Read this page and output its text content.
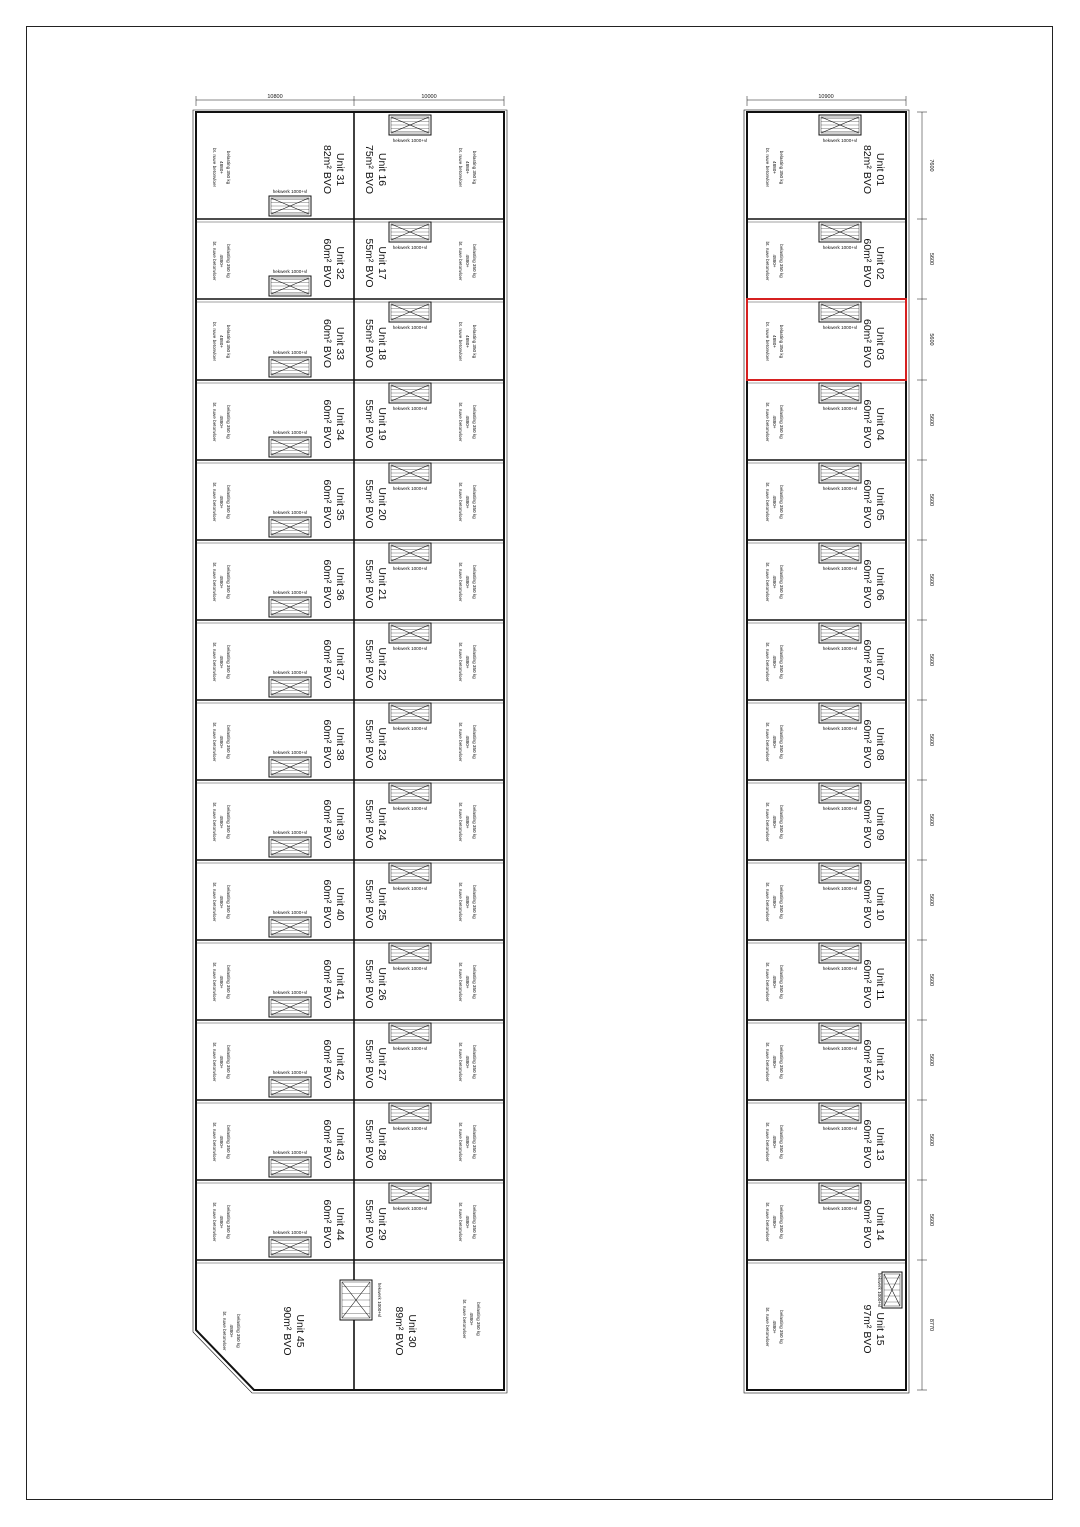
10800	10000	10900
7600
5600
5600
5600
5600
5600
5600
5600
5600
5600
5600
5600
5600
5600
8770
hekwerk 1000+vl
bt. ruwe betonvloer 4880+ belasting 350 kg	Unit 01
82m² BVO
hekwerk 1000+vl
bt. ruwe betonvloer 4880+ belasting 350 kg	Unit 02
60m² BVO
hekwerk 1000+vl
bt. ruwe betonvloer 4880+ belasting 350 kg	Unit 03
60m² BVO
hekwerk 1000+vl
bt. ruwe betonvloer 4880+ belasting 350 kg	Unit 04
60m² BVO
hekwerk 1000+vl
bt. ruwe betonvloer 4880+ belasting 350 kg	Unit 05
60m² BVO
hekwerk 1000+vl
bt. ruwe betonvloer 4880+ belasting 350 kg	Unit 06
60m² BVO
hekwerk 1000+vl
bt. ruwe betonvloer 4880+ belasting 350 kg	Unit 07
60m² BVO
hekwerk 1000+vl
bt. ruwe betonvloer 4880+ belasting 350 kg	Unit 08
60m² BVO
hekwerk 1000+vl
bt. ruwe betonvloer 4880+ belasting 350 kg	Unit 09
60m² BVO
hekwerk 1000+vl
bt. ruwe betonvloer 4880+ belasting 350 kg	Unit 10
60m² BVO
hekwerk 1000+vl
bt. ruwe betonvloer 4880+ belasting 350 kg	Unit 11
60m² BVO
hekwerk 1000+vl
bt. ruwe betonvloer 4880+ belasting 350 kg	Unit 12
60m² BVO
hekwerk 1000+vl
bt. ruwe betonvloer 4880+ belasting 350 kg	Unit 13
60m² BVO
hekwerk 1000+vl
bt. ruwe betonvloer 4880+ belasting 350 kg	Unit 14
60m² BVO
hekwerk 1000+vl
bt. ruwe betonvloer 4880+ belasting 350 kg	Unit 15
97m² BVO
hekwerk 1000+vl
bt. ruwe betonvloer 4880+ belasting 350 kg	Unit 31
82m² BVO
hekwerk 1000+vl
bt. ruwe betonvloer 4880+ belasting 350 kg	Unit 32
60m² BVO
hekwerk 1000+vl
bt. ruwe betonvloer 4880+ belasting 350 kg	Unit 33
60m² BVO
hekwerk 1000+vl
bt. ruwe betonvloer 4880+ belasting 350 kg	Unit 34
60m² BVO
hekwerk 1000+vl
bt. ruwe betonvloer 4880+ belasting 350 kg	Unit 35
60m² BVO
hekwerk 1000+vl
bt. ruwe betonvloer 4880+ belasting 350 kg	Unit 36
60m² BVO
hekwerk 1000+vl
bt. ruwe betonvloer 4880+ belasting 350 kg	Unit 37
60m² BVO
hekwerk 1000+vl
bt. ruwe betonvloer 4880+ belasting 350 kg	Unit 38
60m² BVO
hekwerk 1000+vl
bt. ruwe betonvloer 4880+ belasting 350 kg	Unit 39
60m² BVO
hekwerk 1000+vl
bt. ruwe betonvloer 4880+ belasting 350 kg	Unit 40
60m² BVO
hekwerk 1000+vl
bt. ruwe betonvloer 4880+ belasting 350 kg	Unit 41
60m² BVO
hekwerk 1000+vl
bt. ruwe betonvloer 4880+ belasting 350 kg	Unit 42
60m² BVO
hekwerk 1000+vl
bt. ruwe betonvloer 4880+ belasting 350 kg	Unit 43
60m² BVO
hekwerk 1000+vl
bt. ruwe betonvloer 4880+ belasting 350 kg	Unit 44
60m² BVO
bt. ruwe betonvloer 4880+ belasting 350 kg	Unit 45
90m² BVO
hekwerk 1000+vl
bt. ruwe betonvloer 4880+ belasting 350 kg
Unit 16
75m² BVO
hekwerk 1000+vl	bt. ruwe betonvloer 4880+ belasting 350 kg
Unit 17
55m² BVO
hekwerk 1000+vl	bt. ruwe betonvloer 4880+ belasting 350 kg
Unit 18
55m² BVO
hekwerk 1000+vl	bt. ruwe betonvloer 4880+ belasting 350 kg
Unit 19
55m² BVO
hekwerk 1000+vl	bt. ruwe betonvloer 4880+ belasting 350 kg
Unit 20
55m² BVO
hekwerk 1000+vl	bt. ruwe betonvloer 4880+ belasting 350 kg
Unit 21
55m² BVO
hekwerk 1000+vl	bt. ruwe betonvloer 4880+ belasting 350 kg
Unit 22
55m² BVO
hekwerk 1000+vl	bt. ruwe betonvloer 4880+ belasting 350 kg
Unit 23
55m² BVO
hekwerk 1000+vl	bt. ruwe betonvloer 4880+ belasting 350 kg
Unit 24
55m² BVO
hekwerk 1000+vl	bt. ruwe betonvloer 4880+ belasting 350 kg
Unit 25
55m² BVO
hekwerk 1000+vl	bt. ruwe betonvloer 4880+ belasting 350 kg
Unit 26
55m² BVO
hekwerk 1000+vl	bt. ruwe betonvloer 4880+ belasting 350 kg
Unit 27
55m² BVO
hekwerk 1000+vl	bt. ruwe betonvloer 4880+ belasting 350 kg
Unit 28
55m² BVO
hekwerk 1000+vl	bt. ruwe betonvloer 4880+ belasting 350 kg
Unit 29
55m² BVO
hekwerk 1000+vl	bt. ruwe betonvloer 4880+ belasting 350 kg
Unit 30
89m² BVO
